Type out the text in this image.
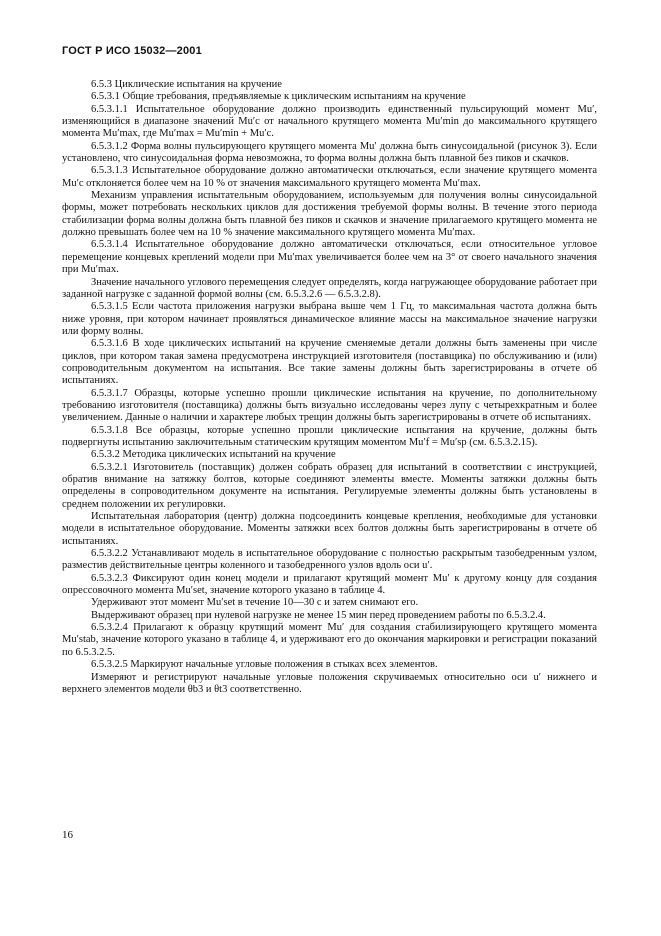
ГОСТ Р ИСО 15032—2001

6.5.3 Циклические испытания на кручение

6.5.3.1 Общие требования, предъявляемые к циклическим испытаниям на кручение

6.5.3.1.1 Испытательное оборудование должно производить единственный пульсирующий момент Mu′, изменяющийся в диапазоне значений Mu′c от начального крутящего момента Mu′min до максимального крутящего момента Mu′max, где Mu′max = Mu′min + Mu′c.

6.5.3.1.2 Форма волны пульсирующего крутящего момента Mu′ должна быть синусоидальной (рисунок 3). Если установлено, что синусоидальная форма невозможна, то форма волны должна быть плавной без пиков и скачков.

6.5.3.1.3 Испытательное оборудование должно автоматически отключаться, если значение крутящего момента Mu′c отклоняется более чем на 10 % от значения максимального крутящего момента Mu′max.

Механизм управления испытательным оборудованием, используемым для получения волны синусоидальной формы, может потребовать нескольких циклов для достижения требуемой формы волны. В течение этого периода стабилизации форма волны должна быть плавной без пиков и скачков и значение прилагаемого крутящего момента не должно превышать более чем на 10 % значение максимального крутящего момента Mu′max.

6.5.3.1.4 Испытательное оборудование должно автоматически отключаться, если относительное угловое перемещение концевых креплений модели при Mu′max увеличивается более чем на 3° от своего начального значения при Mu′max.

Значение начального углового перемещения следует определять, когда нагружающее оборудование работает при заданной нагрузке с заданной формой волны (см. 6.5.3.2.6 — 6.5.3.2.8).

6.5.3.1.5 Если частота приложения нагрузки выбрана выше чем 1 Гц, то максимальная частота должна быть ниже уровня, при котором начинает проявляться динамическое влияние массы на максимальное значение нагрузки или форму волны.

6.5.3.1.6 В ходе циклических испытаний на кручение сменяемые детали должны быть заменены при числе циклов, при котором такая замена предусмотрена инструкцией изготовителя (поставщика) по обслуживанию и (или) сопроводительным документом на испытания. Все такие замены должны быть зарегистрированы в отчете об испытаниях.

6.5.3.1.7 Образцы, которые успешно прошли циклические испытания на кручение, по дополнительному требованию изготовителя (поставщика) должны быть визуально исследованы через лупу с четырехкратным и более увеличением. Данные о наличии и характере любых трещин должны быть зарегистрированы в отчете об испытаниях.

6.5.3.1.8 Все образцы, которые успешно прошли циклические испытания на кручение, должны быть подвергнуты испытанию заключительным статическим крутящим моментом Mu′f = Mu′sp (см. 6.5.3.2.15).

6.5.3.2 Методика циклических испытаний на кручение

6.5.3.2.1 Изготовитель (поставщик) должен собрать образец для испытаний в соответствии с инструкцией, обратив внимание на затяжку болтов, которые соединяют элементы вместе. Моменты затяжки должны быть определены в сопроводительном документе на испытания. Регулируемые элементы должны быть установлены в среднем положении их регулировки.

Испытательная лаборатория (центр) должна подсоединить концевые крепления, необходимые для установки модели в испытательное оборудование. Моменты затяжки всех болтов должны быть зарегистрированы в отчете об испытаниях.

6.5.3.2.2 Устанавливают модель в испытательное оборудование с полностью раскрытым тазобедренным узлом, разместив действительные центры коленного и тазобедренного узлов вдоль оси u′.

6.5.3.2.3 Фиксируют один конец модели и прилагают крутящий момент Mu′ к другому концу для создания опрессовочного момента Mu′set, значение которого указано в таблице 4.

Удерживают этот момент Mu′set в течение 10—30 с и затем снимают его.

Выдерживают образец при нулевой нагрузке не менее 15 мин перед проведением работы по 6.5.3.2.4.

6.5.3.2.4 Прилагают к образцу крутящий момент Mu′ для создания стабилизирующего крутящего момента Mu′stab, значение которого указано в таблице 4, и удерживают его до окончания маркировки и регистрации показаний по 6.5.3.2.5.

6.5.3.2.5 Маркируют начальные угловые положения в стыках всех элементов.

Измеряют и регистрируют начальные угловые положения скручиваемых относительно оси u′ нижнего и верхнего элементов модели θb3 и θt3 соответственно.

16
